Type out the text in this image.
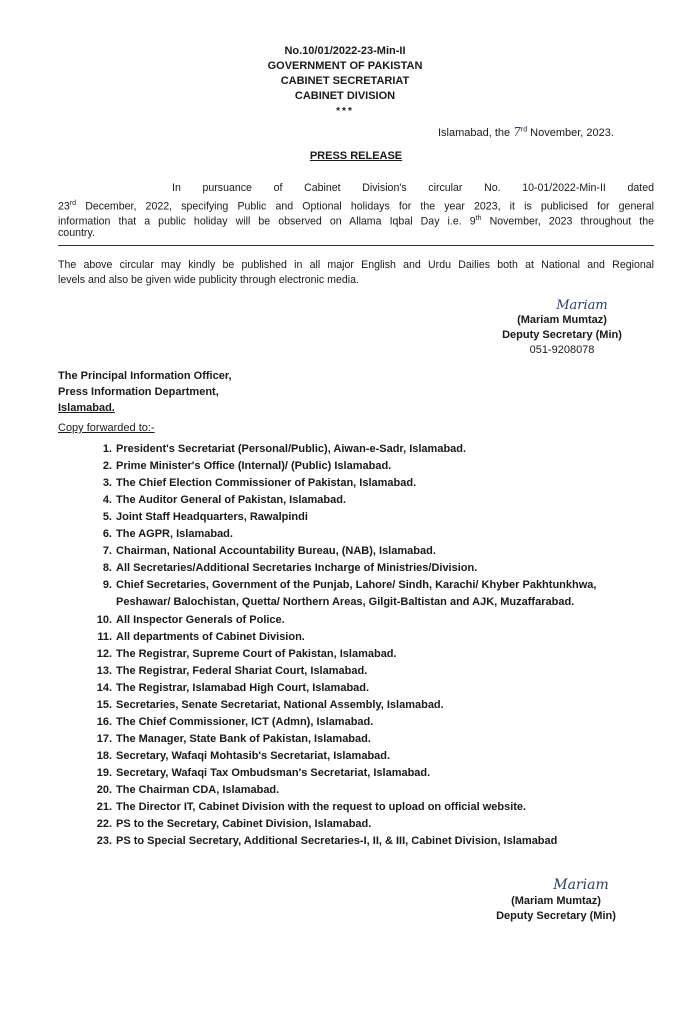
No.10/01/2022-23-Min-II
GOVERNMENT OF PAKISTAN
CABINET SECRETARIAT
CABINET DIVISION
***
Islamabad, the 7rd November, 2023.
PRESS RELEASE
In pursuance of Cabinet Division's circular No. 10-01/2022-Min-II dated
23rd December, 2022, specifying Public and Optional holidays for the year 2023, it is publicised for general
information that a public holiday will be observed on Allama Iqbal Day i.e. 9th November, 2023 throughout the
country.
The above circular may kindly be published in all major English and Urdu Dailies both at National and Regional
levels and also be given wide publicity through electronic media.
Mariam
(Mariam Mumtaz)
Deputy Secretary (Min)
051-9208078
The Principal Information Officer,
Press Information Department,
Islamabad.
Copy forwarded to:-
1. President's Secretariat (Personal/Public), Aiwan-e-Sadr, Islamabad.
2. Prime Minister's Office (Internal)/ (Public) Islamabad.
3. The Chief Election Commissioner of Pakistan, Islamabad.
4. The Auditor General of Pakistan, Islamabad.
5. Joint Staff Headquarters, Rawalpindi
6. The AGPR, Islamabad.
7. Chairman, National Accountability Bureau, (NAB), Islamabad.
8. All Secretaries/Additional Secretaries Incharge of Ministries/Division.
9. Chief Secretaries, Government of the Punjab, Lahore/ Sindh, Karachi/ Khyber Pakhtunkhwa,
Peshawar/ Balochistan, Quetta/ Northern Areas, Gilgit-Baltistan and AJK, Muzaffarabad.
10. All Inspector Generals of Police.
11. All departments of Cabinet Division.
12. The Registrar, Supreme Court of Pakistan, Islamabad.
13. The Registrar, Federal Shariat Court, Islamabad.
14. The Registrar, Islamabad High Court, Islamabad.
15. Secretaries, Senate Secretariat, National Assembly, Islamabad.
16. The Chief Commissioner, ICT (Admn), Islamabad.
17. The Manager, State Bank of Pakistan, Islamabad.
18. Secretary, Wafaqi Mohtasib's Secretariat, Islamabad.
19. Secretary, Wafaqi Tax Ombudsman's Secretariat, Islamabad.
20. The Chairman CDA, Islamabad.
21. The Director IT, Cabinet Division with the request to upload on official website.
22. PS to the Secretary, Cabinet Division, Islamabad.
23. PS to Special Secretary, Additional Secretaries-I, II, & III, Cabinet Division, Islamabad
Mariam
(Mariam Mumtaz)
Deputy Secretary (Min)
